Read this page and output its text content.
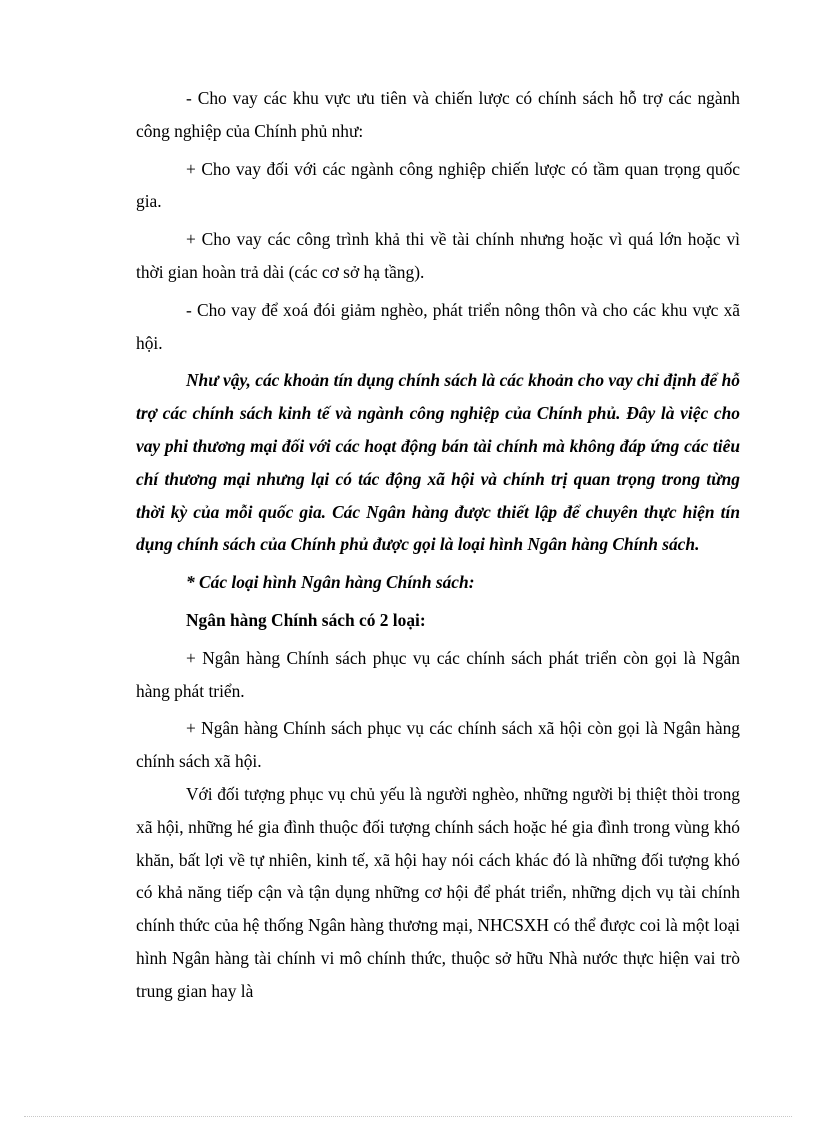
- Cho vay các khu vực ưu tiên và chiến lược có chính sách hỗ trợ các ngành công nghiệp của Chính phủ như:

+ Cho vay đối với các ngành công nghiệp chiến lược có tầm quan trọng quốc gia.

+ Cho vay các công trình khả thi về tài chính nhưng hoặc vì quá lớn hoặc vì thời gian hoàn trả dài (các cơ sở hạ tầng).

- Cho vay để xoá đói giảm nghèo, phát triển nông thôn và cho các khu vực xã hội.

Như vậy, các khoản tín dụng chính sách là các khoản cho vay chỉ định để hỗ trợ các chính sách kinh tế và ngành công nghiệp của Chính phủ. Đây là việc cho vay phi thương mại đối với các hoạt động bán tài chính mà không đáp ứng các tiêu chí thương mại nhưng lại có tác động xã hội và chính trị quan trọng trong từng thời kỳ của mỗi quốc gia. Các Ngân hàng được thiết lập để chuyên thực hiện tín dụng chính sách của Chính phủ được gọi là loại hình Ngân hàng Chính sách.

* Các loại hình Ngân hàng Chính sách:

Ngân hàng Chính sách có 2 loại:

+ Ngân hàng Chính sách phục vụ các chính sách phát triển còn gọi là Ngân hàng phát triển.

+ Ngân hàng Chính sách phục vụ các chính sách xã hội còn gọi là Ngân hàng chính sách xã hội.

Với đối tượng phục vụ chủ yếu là người nghèo, những người bị thiệt thòi trong xã hội, những hé gia đình thuộc đối tượng chính sách hoặc hé gia đình trong vùng khó khăn, bất lợi về tự nhiên, kinh tế, xã hội hay nói cách khác đó là những đối tượng khó có khả năng tiếp cận và tận dụng những cơ hội để phát triển, những dịch vụ tài chính chính thức của hệ thống Ngân hàng thương mại, NHCSXH có thể được coi là một loại hình Ngân hàng tài chính vi mô chính thức, thuộc sở hữu Nhà nước thực hiện vai trò trung gian hay là
